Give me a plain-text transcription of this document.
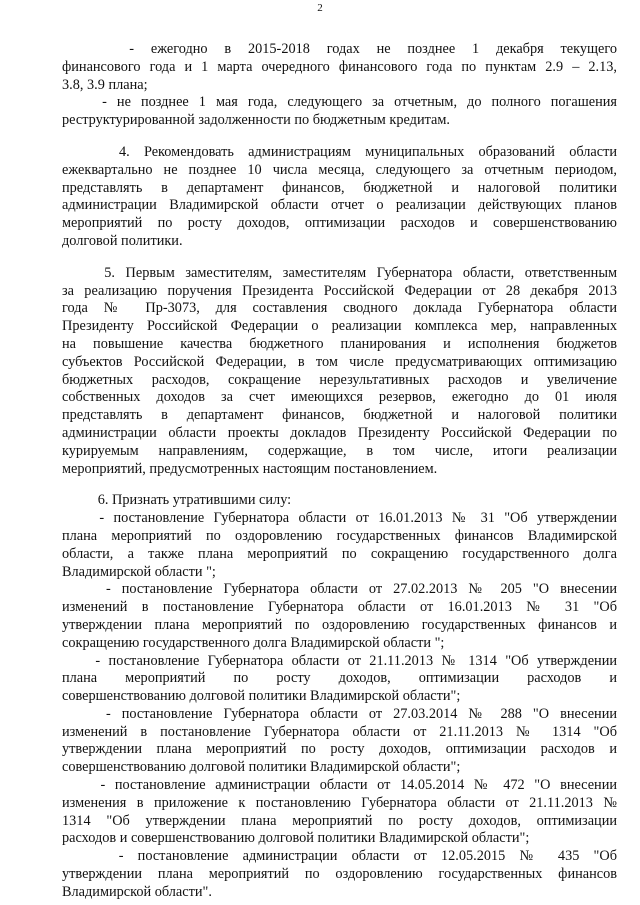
2
- ежегодно в 2015-2018 годах не позднее 1 декабря текущего
финансового года и 1 марта очередного финансового года по пунктам 2.9 – 2.13,
3.8, 3.9 плана;
- не позднее 1 мая года, следующего за отчетным, до полного погашения
реструктурированной задолженности по бюджетным кредитам.
4. Рекомендовать администрациям муниципальных образований области
ежеквартально не позднее 10 числа месяца, следующего за отчетным периодом,
представлять в департамент финансов, бюджетной и налоговой политики
администрации Владимирской области отчет о реализации действующих планов
мероприятий по росту доходов, оптимизации расходов и совершенствованию
долговой политики.
5. Первым заместителям, заместителям Губернатора области, ответственным
за реализацию поручения Президента Российской Федерации от 28 декабря 2013
года № Пр-3073, для составления сводного доклада Губернатора области
Президенту Российской Федерации о реализации комплекса мер, направленных
на повышение качества бюджетного планирования и исполнения бюджетов
субъектов Российской Федерации, в том числе предусматривающих оптимизацию
бюджетных расходов, сокращение нерезультативных расходов и увеличение
собственных доходов за счет имеющихся резервов, ежегодно до 01 июля
представлять в департамент финансов, бюджетной и налоговой политики
администрации области проекты докладов Президенту Российской Федерации по
курируемым направлениям, содержащие, в том числе, итоги реализации
мероприятий, предусмотренных настоящим постановлением.
6. Признать утратившими силу:
- постановление Губернатора области от 16.01.2013 № 31 "Об утверждении
плана мероприятий по оздоровлению государственных финансов Владимирской
области, а также плана мероприятий по сокращению государственного долга
Владимирской области ";
- постановление Губернатора области от 27.02.2013 № 205 "О внесении
изменений в постановление Губернатора области от 16.01.2013 № 31 "Об
утверждении плана мероприятий по оздоровлению государственных финансов и
сокращению государственного долга Владимирской области ";
- постановление Губернатора области от 21.11.2013 № 1314 "Об утверждении
плана мероприятий по росту доходов, оптимизации расходов и
совершенствованию долговой политики Владимирской области";
- постановление Губернатора области от 27.03.2014 № 288 "О внесении
изменений в постановление Губернатора области от 21.11.2013 № 1314 "Об
утверждении плана мероприятий по росту доходов, оптимизации расходов и
совершенствованию долговой политики Владимирской области";
- постановление администрации области от 14.05.2014 № 472 "О внесении
изменения в приложение к постановлению Губернатора области от 21.11.2013 №
1314 "Об утверждении плана мероприятий по росту доходов, оптимизации
расходов и совершенствованию долговой политики Владимирской области";
- постановление администрации области от 12.05.2015 № 435 "Об
утверждении плана мероприятий по оздоровлению государственных финансов
Владимирской области".
